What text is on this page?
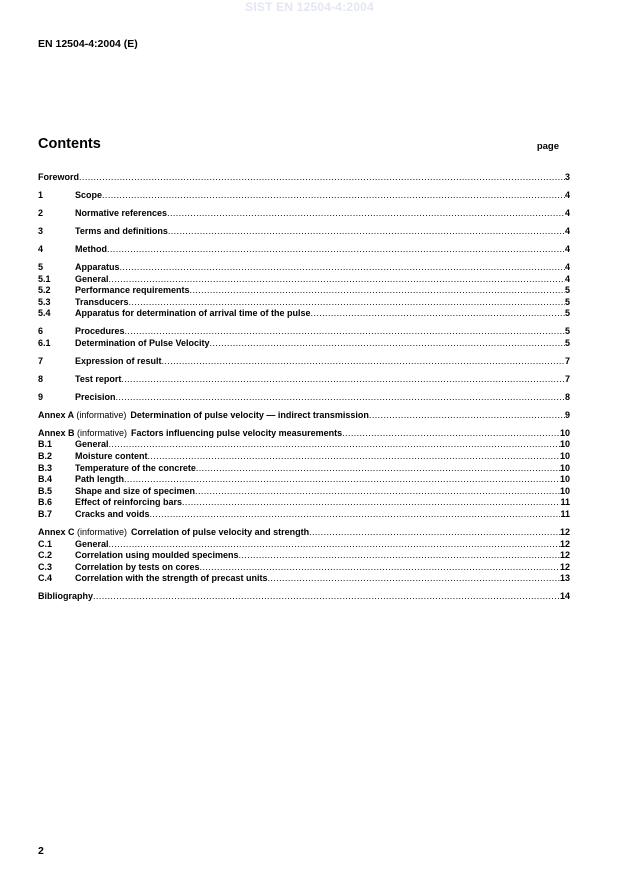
SIST EN 12504-4:2004
EN 12504-4:2004 (E)
Contents	page
Foreword .....	3
1	Scope .....	4
2	Normative references .....	4
3	Terms and definitions .....	4
4	Method .....	4
5	Apparatus .....	4
5.1	General .....	4
5.2	Performance requirements .....	5
5.3	Transducers .....	5
5.4	Apparatus for determination of arrival time of the pulse .....	5
6	Procedures .....	5
6.1	Determination of Pulse Velocity .....	5
7	Expression of result .....	7
8	Test report .....	7
9	Precision .....	8
Annex A (informative) Determination of pulse velocity — indirect transmission .....	9
Annex B (informative) Factors influencing pulse velocity measurements .....	10
B.1	General .....	10
B.2	Moisture content .....	10
B.3	Temperature of the concrete .....	10
B.4	Path length .....	10
B.5	Shape and size of specimen .....	10
B.6	Effect of reinforcing bars .....	11
B.7	Cracks and voids .....	11
Annex C (informative) Correlation of pulse velocity and strength .....	12
C.1	General .....	12
C.2	Correlation using moulded specimens .....	12
C.3	Correlation by tests on cores .....	12
C.4	Correlation with the strength of precast units .....	13
Bibliography .....	14
2
